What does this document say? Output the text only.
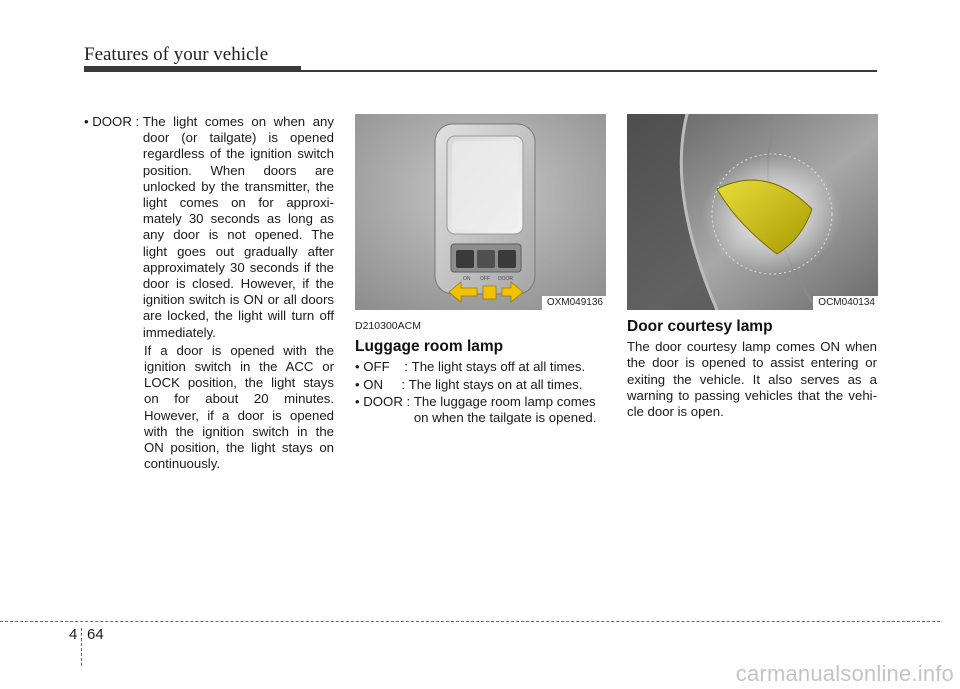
Features of your vehicle
• DOOR : The light comes on when any door (or tailgate) is opened regardless of the ignition switch position. When doors are unlocked by the transmitter, the light comes on for approxi-mately 30 seconds as long as any door is not opened. The light goes out gradually after approximately 30 seconds if the door is closed. However, if the ignition switch is ON or all doors are locked, the light will turn off immediately.
If a door is opened with the ignition switch in the ACC or LOCK position, the light stays on for about 20 minutes. However, if a door is opened with the ignition switch in the ON position, the light stays on continuously.
ON OFF DOOR
OXM049136
D210300ACM
Luggage room lamp
• OFF    : The light stays off at all times.
• ON     : The light stays on at all times.
• DOOR : The luggage room lamp comes on when the tailgate is opened.
OCM040134
Door courtesy lamp
The door courtesy lamp comes ON when the door is opened to assist entering or exiting the vehicle. It also serves as a warning to passing vehicles that the vehi-cle door is open.
4 64
carmanualsonline.info
